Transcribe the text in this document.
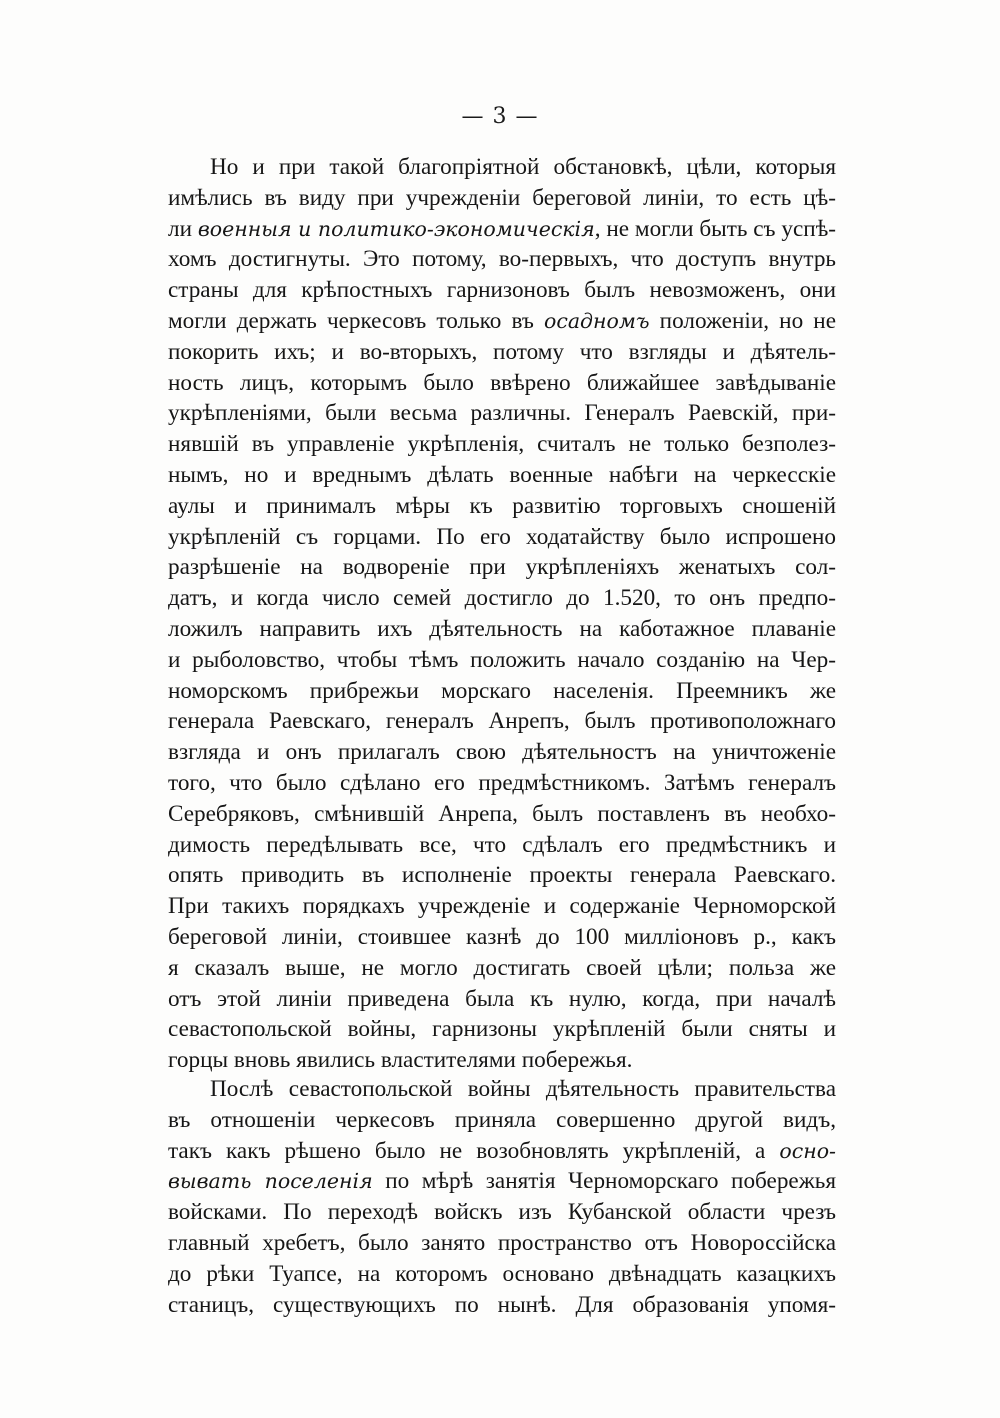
— 3 —
Но и при такой благопріятной обстановкѣ, цѣли, которыя
имѣлись въ виду при учрежденіи береговой линіи, то есть цѣ-
ли военныя и политико-экономическія, не могли быть съ успѣ-
хомъ достигнуты. Это потому, во-первыхъ, что доступъ внутрь
страны для крѣпостныхъ гарнизоновъ былъ невозможенъ, они
могли держать черкесовъ только въ осадномъ положеніи, но не
покорить ихъ; и во-вторыхъ, потому что взгляды и дѣятель-
ность лицъ, которымъ было ввѣрено ближайшее завѣдываніе
укрѣпленіями, были весьма различны. Генералъ Раевскій, при-
нявшій въ управленіе укрѣпленія, считалъ не только безполез-
нымъ, но и вреднымъ дѣлать военные набѣги на черкесскіе
аулы и принималъ мѣры къ развитію торговыхъ сношеній
укрѣпленій съ горцами. По его ходатайству было испрошено
разрѣшеніе на водвореніе при укрѣпленіяхъ женатыхъ сол-
датъ, и когда число семей достигло до 1.520, то онъ предпо-
ложилъ направить ихъ дѣятельность на каботажное плаваніе
и рыболовство, чтобы тѣмъ положить начало созданію на Чер-
номорскомъ прибрежьи морскаго населенія. Преемникъ же
генерала Раевскаго, генералъ Анрепъ, былъ противоположнаго
взгляда и онъ прилагалъ свою дѣятельностъ на уничтоженіе
того, что было сдѣлано его предмѣстникомъ. Затѣмъ генералъ
Серебряковъ, смѣнившій Анрепа, былъ поставленъ въ необхо-
димость передѣлывать все, что сдѣлалъ его предмѣстникъ и
опять приводить въ исполненіе проекты генерала Раевскаго.
При такихъ порядкахъ учрежденіе и содержаніе Черноморской
береговой линіи, стоившее казнѣ до 100 милліоновъ р., какъ
я сказалъ выше, не могло достигать своей цѣли; польза же
отъ этой линіи приведена была къ нулю, когда, при началѣ
севастопольской войны, гарнизоны укрѣпленій были сняты и
горцы вновь явились властителями побережья.
Послѣ севастопольской войны дѣятельность правительства
въ отношеніи черкесовъ приняла совершенно другой видъ,
такъ какъ рѣшено было не возобновлять укрѣпленій, а осно-
вывать поселенія по мѣрѣ занятія Черноморскаго побережья
войсками. По переходѣ войскъ изъ Кубанской области чрезъ
главный хребетъ, было занято пространство отъ Новороссійска
до рѣки Туапсе, на которомъ основано двѣнадцать казацкихъ
станицъ, существующихъ по нынѣ. Для образованія упомя-
